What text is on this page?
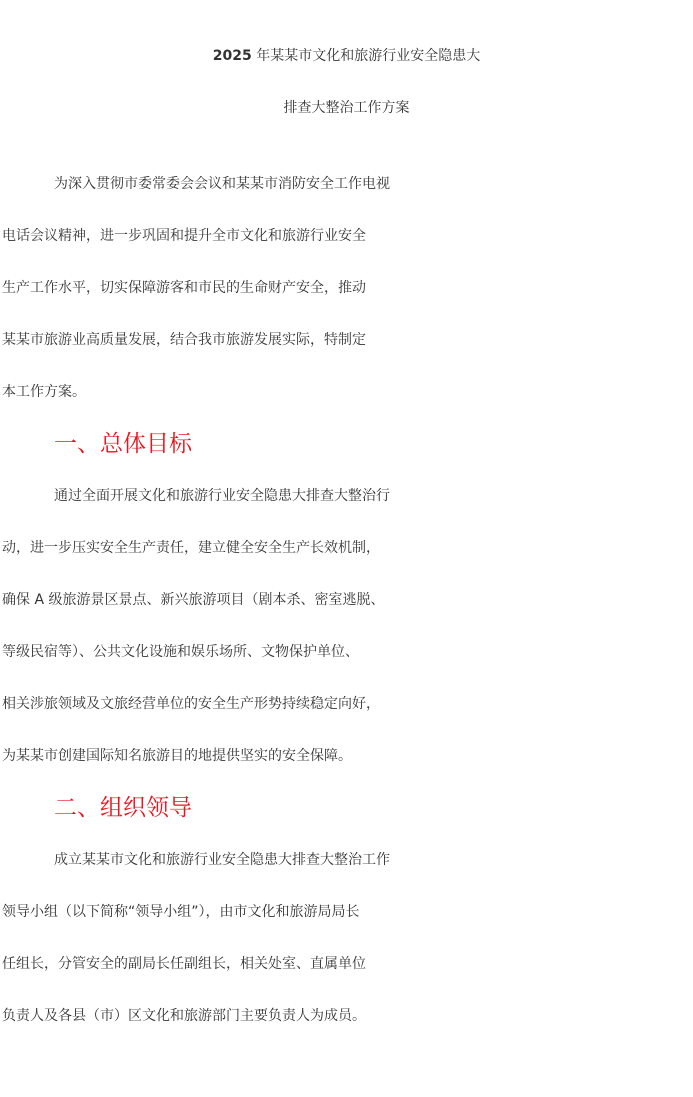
2025 年某某市文化和旅游行业安全隐患大
排查大整治工作方案

为深入贯彻市委常委会会议和某某市消防安全工作电视
电话会议精神，进一步巩固和提升全市文化和旅游行业安全
生产工作水平，切实保障游客和市民的生命财产安全，推动
某某市旅游业高质量发展，结合我市旅游发展实际，特制定
本工作方案。

一、总体目标

通过全面开展文化和旅游行业安全隐患大排查大整治行
动，进一步压实安全生产责任，建立健全安全生产长效机制，
确保 A 级旅游景区景点、新兴旅游项目（剧本杀、密室逃脱、
等级民宿等）、公共文化设施和娱乐场所、文物保护单位、
相关涉旅领域及文旅经营单位的安全生产形势持续稳定向好，
为某某市创建国际知名旅游目的地提供坚实的安全保障。

二、组织领导

成立某某市文化和旅游行业安全隐患大排查大整治工作
领导小组（以下简称“领导小组”），由市文化和旅游局局长
任组长，分管安全的副局长任副组长，相关处室、直属单位
负责人及各县（市）区文化和旅游部门主要负责人为成员。
